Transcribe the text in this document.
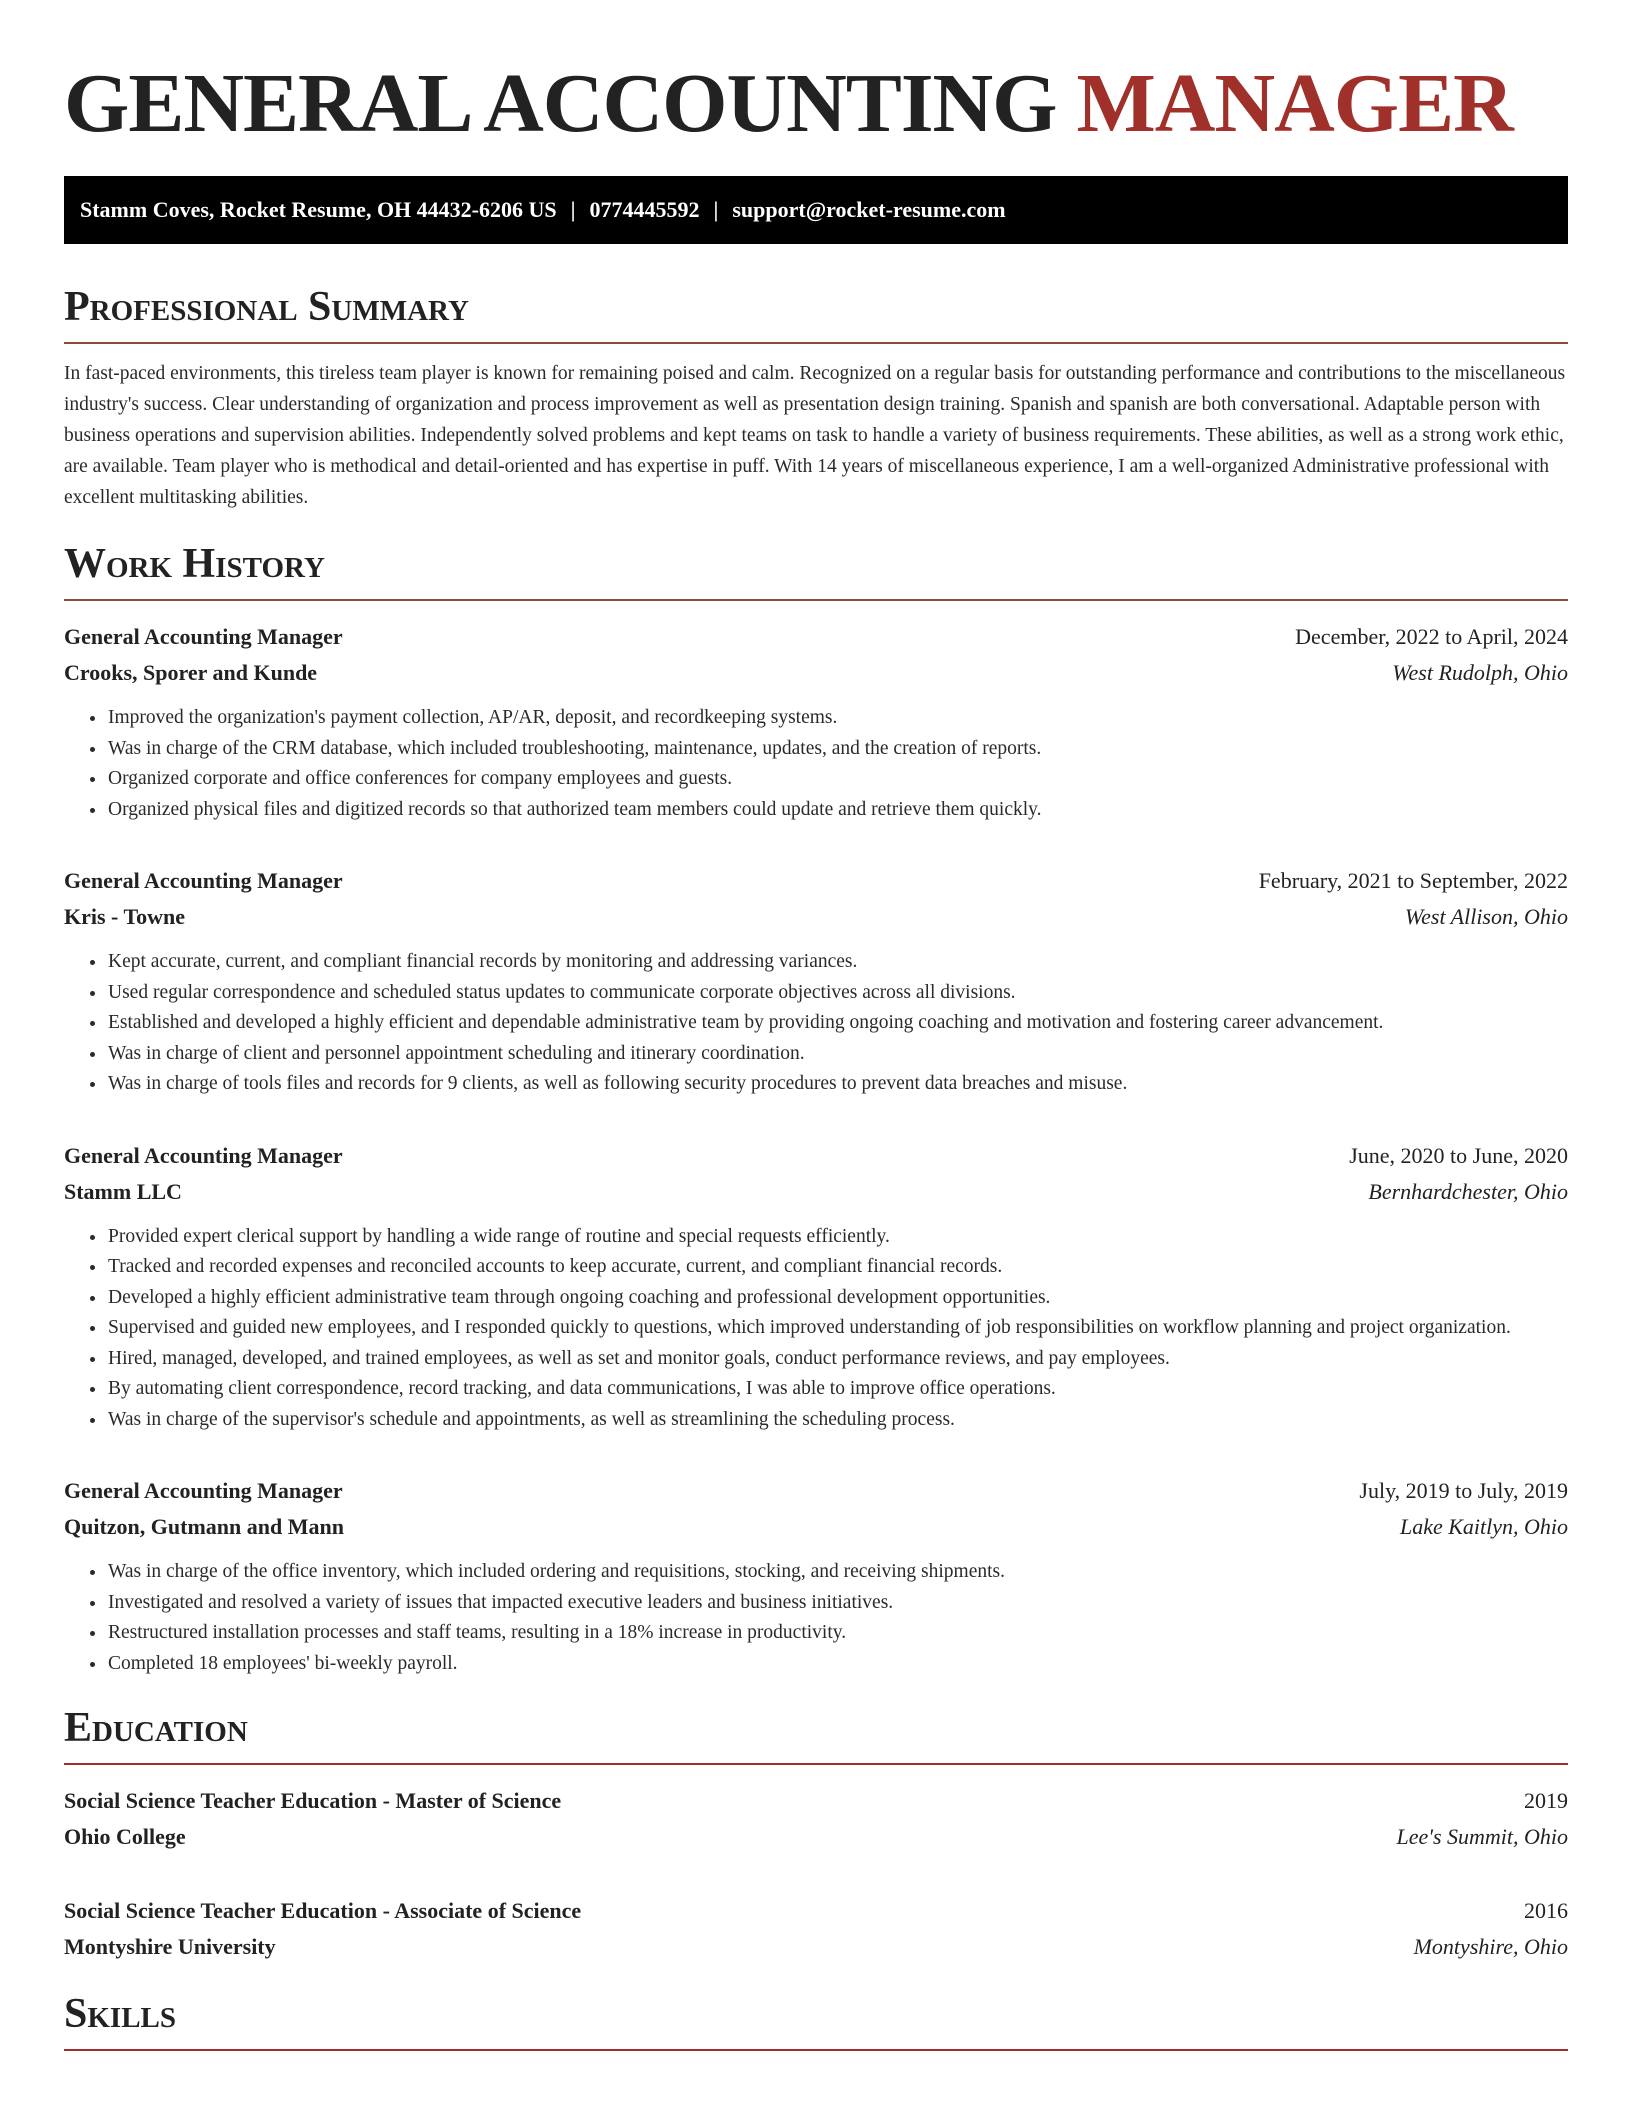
GENERAL ACCOUNTING MANAGER
Stamm Coves, Rocket Resume, OH 44432-6206 US | 0774445592 | support@rocket-resume.com
Professional Summary

In fast-paced environments, this tireless team player is known for remaining poised and calm. Recognized on a regular basis for outstanding performance and contributions to the miscellaneous industry's success. Clear understanding of organization and process improvement as well as presentation design training. Spanish and spanish are both conversational. Adaptable person with business operations and supervision abilities. Independently solved problems and kept teams on task to handle a variety of business requirements. These abilities, as well as a strong work ethic, are available. Team player who is methodical and detail-oriented and has expertise in puff. With 14 years of miscellaneous experience, I am a well-organized Administrative professional with excellent multitasking abilities.

Work History
General Accounting Manager	December, 2022 to April, 2024
Crooks, Sporer and Kunde	West Rudolph, Ohio
• Improved the organization's payment collection, AP/AR, deposit, and recordkeeping systems.
• Was in charge of the CRM database, which included troubleshooting, maintenance, updates, and the creation of reports.
• Organized corporate and office conferences for company employees and guests.
• Organized physical files and digitized records so that authorized team members could update and retrieve them quickly.
General Accounting Manager	February, 2021 to September, 2022
Kris - Towne	West Allison, Ohio
• Kept accurate, current, and compliant financial records by monitoring and addressing variances.
• Used regular correspondence and scheduled status updates to communicate corporate objectives across all divisions.
• Established and developed a highly efficient and dependable administrative team by providing ongoing coaching and motivation and fostering career advancement.
• Was in charge of client and personnel appointment scheduling and itinerary coordination.
• Was in charge of tools files and records for 9 clients, as well as following security procedures to prevent data breaches and misuse.
General Accounting Manager	June, 2020 to June, 2020
Stamm LLC	Bernhardchester, Ohio
• Provided expert clerical support by handling a wide range of routine and special requests efficiently.
• Tracked and recorded expenses and reconciled accounts to keep accurate, current, and compliant financial records.
• Developed a highly efficient administrative team through ongoing coaching and professional development opportunities.
• Supervised and guided new employees, and I responded quickly to questions, which improved understanding of job responsibilities on workflow planning and project organization.
• Hired, managed, developed, and trained employees, as well as set and monitor goals, conduct performance reviews, and pay employees.
• By automating client correspondence, record tracking, and data communications, I was able to improve office operations.
• Was in charge of the supervisor's schedule and appointments, as well as streamlining the scheduling process.
General Accounting Manager	July, 2019 to July, 2019
Quitzon, Gutmann and Mann	Lake Kaitlyn, Ohio
• Was in charge of the office inventory, which included ordering and requisitions, stocking, and receiving shipments.
• Investigated and resolved a variety of issues that impacted executive leaders and business initiatives.
• Restructured installation processes and staff teams, resulting in a 18% increase in productivity.
• Completed 18 employees' bi-weekly payroll.
Education
Social Science Teacher Education - Master of Science	2019
Ohio College	Lee's Summit, Ohio
Social Science Teacher Education - Associate of Science	2016
Montyshire University	Montyshire, Ohio
Skills
